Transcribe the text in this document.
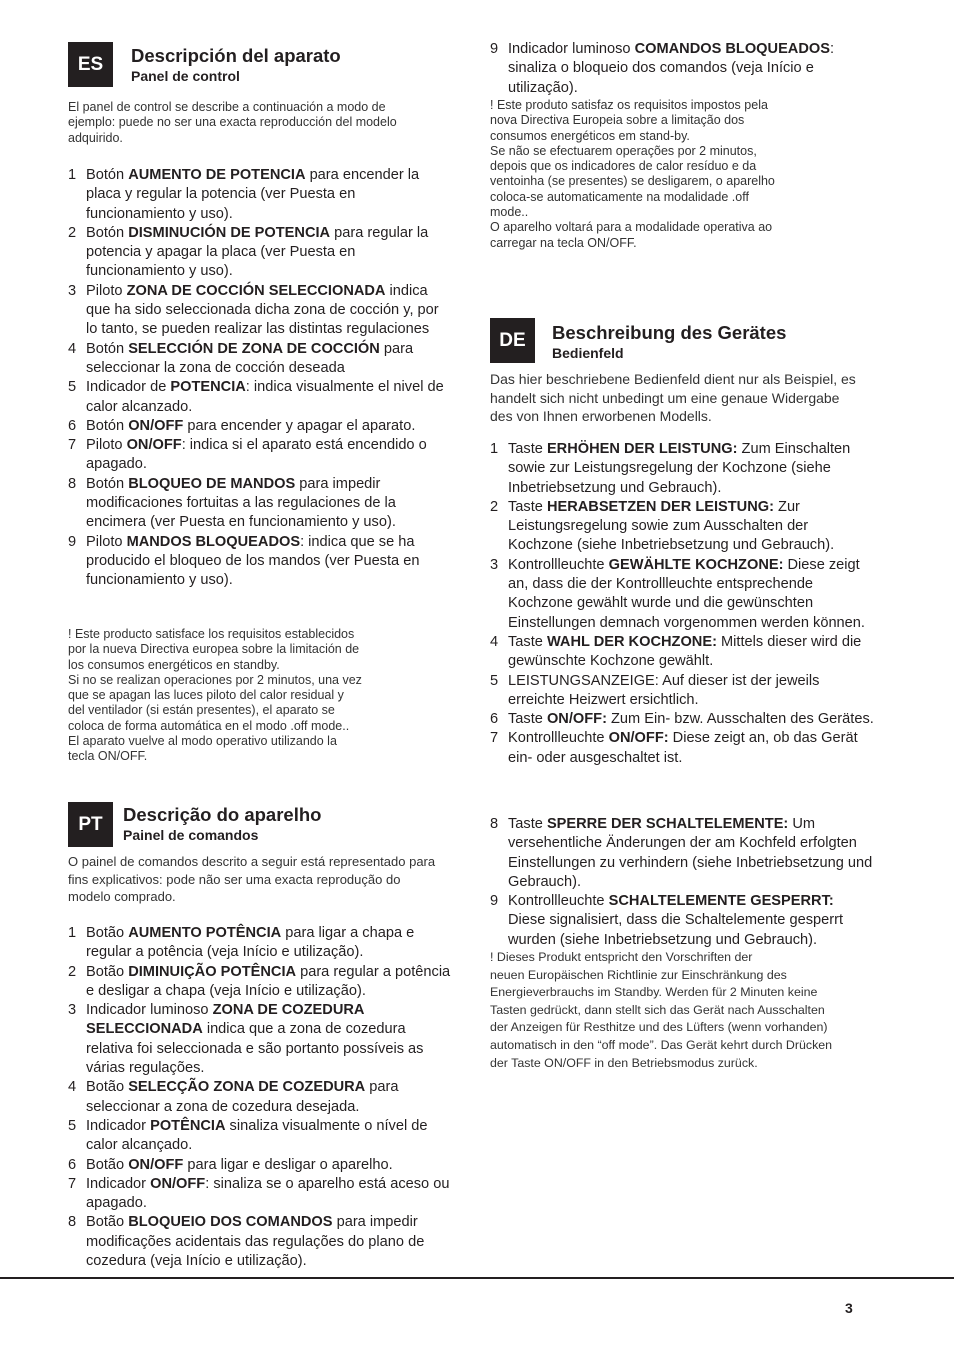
ES	Descripción del aparato
Panel de control
El panel de control se describe a continuación a modo de ejemplo: puede no ser una exacta reproducción del modelo adquirido.
1 Botón AUMENTO DE POTENCIA para encender la placa y regular la potencia (ver Puesta en funcionamiento y uso).
2 Botón DISMINUCIÓN DE POTENCIA para regular la potencia y apagar la placa (ver Puesta en funcionamiento y uso).
3 Piloto ZONA DE COCCIÓN SELECCIONADA indica que ha sido seleccionada dicha zona de cocción y, por lo tanto, se pueden realizar las distintas regulaciones
4 Botón SELECCIÓN DE ZONA DE COCCIÓN para seleccionar la zona de cocción deseada
5 Indicador de POTENCIA: indica visualmente el nivel de calor alcanzado.
6 Botón ON/OFF para encender y apagar el aparato.
7 Piloto ON/OFF: indica si el aparato está encendido o apagado.
8 Botón BLOQUEO DE MANDOS para impedir modificaciones fortuitas a las regulaciones de la encimera (ver Puesta en funcionamiento y uso).
9 Piloto MANDOS BLOQUEADOS: indica que se ha producido el bloqueo de los mandos (ver Puesta en funcionamiento y uso).

! Este producto satisface los requisitos establecidos

por la nueva Directiva europea sobre la limitación de

los consumos energéticos en standby.

Si no se realizan operaciones por 2 minutos, una vez

que se apagan las luces piloto del calor residual y

del ventilador (si están presentes), el aparato se

coloca de forma automática en el modo .off mode..

El aparato vuelve al modo operativo utilizando la

tecla ON/OFF.

PT	Descrição do aparelho
Painel de comandos
O painel de comandos descrito a seguir está representado para fins explicativos: pode não ser uma exacta reprodução do modelo comprado.
1 Botão AUMENTO POTÊNCIA para ligar a chapa e regular a potência (veja Início e utilização).
2 Botão DIMINUIÇÃO POTÊNCIA para regular a potência e desligar a chapa (veja Início e utilização).
3 Indicador luminoso ZONA DE COZEDURA SELECCIONADA indica que a zona de cozedura relativa foi seleccionada e são portanto possíveis as várias regulações.
4 Botão SELECÇÃO ZONA DE COZEDURA para seleccionar a zona de cozedura desejada.
5 Indicador POTÊNCIA sinaliza visualmente o nível de calor alcançado.
6 Botão ON/OFF para ligar e desligar o aparelho.
7 Indicador ON/OFF: sinaliza se o aparelho está aceso ou apagado.
8 Botão BLOQUEIO DOS COMANDOS para impedir modificações acidentais das regulações do plano de cozedura (veja Início e utilização).
9 Indicador luminoso COMANDOS BLOQUEADOS: sinaliza o bloqueio dos comandos (veja Início e utilização).

! Este produto satisfaz os requisitos impostos pela

nova Directiva Europeia sobre a limitação dos

consumos energéticos em stand-by.

Se não se efectuarem operações por 2 minutos,

depois que os indicadores de calor resíduo e da

ventoinha (se presentes) se desligarem, o aparelho

coloca-se automaticamente na modalidade .off

mode..

O aparelho voltará para a modalidade operativa ao

carregar na tecla ON/OFF.

DE	Beschreibung des Gerätes
Bedienfeld
Das hier beschriebene Bedienfeld dient nur als Beispiel, es handelt sich nicht unbedingt um eine genaue Widergabe des von Ihnen erworbenen Modells.
1 Taste ERHÖHEN DER LEISTUNG: Zum Einschalten sowie zur Leistungsregelung der Kochzone (siehe Inbetriebsetzung und Gebrauch).
2 Taste HERABSETZEN DER LEISTUNG: Zur Leistungsregelung sowie zum Ausschalten der Kochzone (siehe Inbetriebsetzung und Gebrauch).
3 Kontrollleuchte GEWÄHLTE KOCHZONE: Diese zeigt an, dass die der Kontrollleuchte entsprechende Kochzone gewählt wurde und die gewünschten Einstellungen demnach vorgenommen werden können.
4 Taste WAHL DER KOCHZONE: Mittels dieser wird die gewünschte Kochzone gewählt.
5 LEISTUNGSANZEIGE: Auf dieser ist der jeweils erreichte Heizwert ersichtlich.
6 Taste ON/OFF: Zum Ein- bzw. Ausschalten des Gerätes.
7 Kontrollleuchte ON/OFF: Diese zeigt an, ob das Gerät ein- oder ausgeschaltet ist.
8 Taste SPERRE DER SCHALTELEMENTE: Um versehentliche Änderungen der am Kochfeld erfolgten Einstellungen zu verhindern (siehe Inbetriebsetzung und Gebrauch).
9 Kontrollleuchte SCHALTELEMENTE GESPERRT: Diese signalisiert, dass die Schaltelemente gesperrt wurden (siehe Inbetriebsetzung und Gebrauch).

! Dieses Produkt entspricht den Vorschriften der

neuen Europäischen Richtlinie zur Einschränkung des

Energieverbrauchs im Standby. Werden für 2 Minuten keine

Tasten gedrückt, dann stellt sich das Gerät nach Ausschalten

der Anzeigen für Resthitze und des Lüfters (wenn vorhanden)

automatisch in den “off mode”. Das Gerät kehrt durch Drücken

der Taste ON/OFF in den Betriebsmodus zurück.

3
